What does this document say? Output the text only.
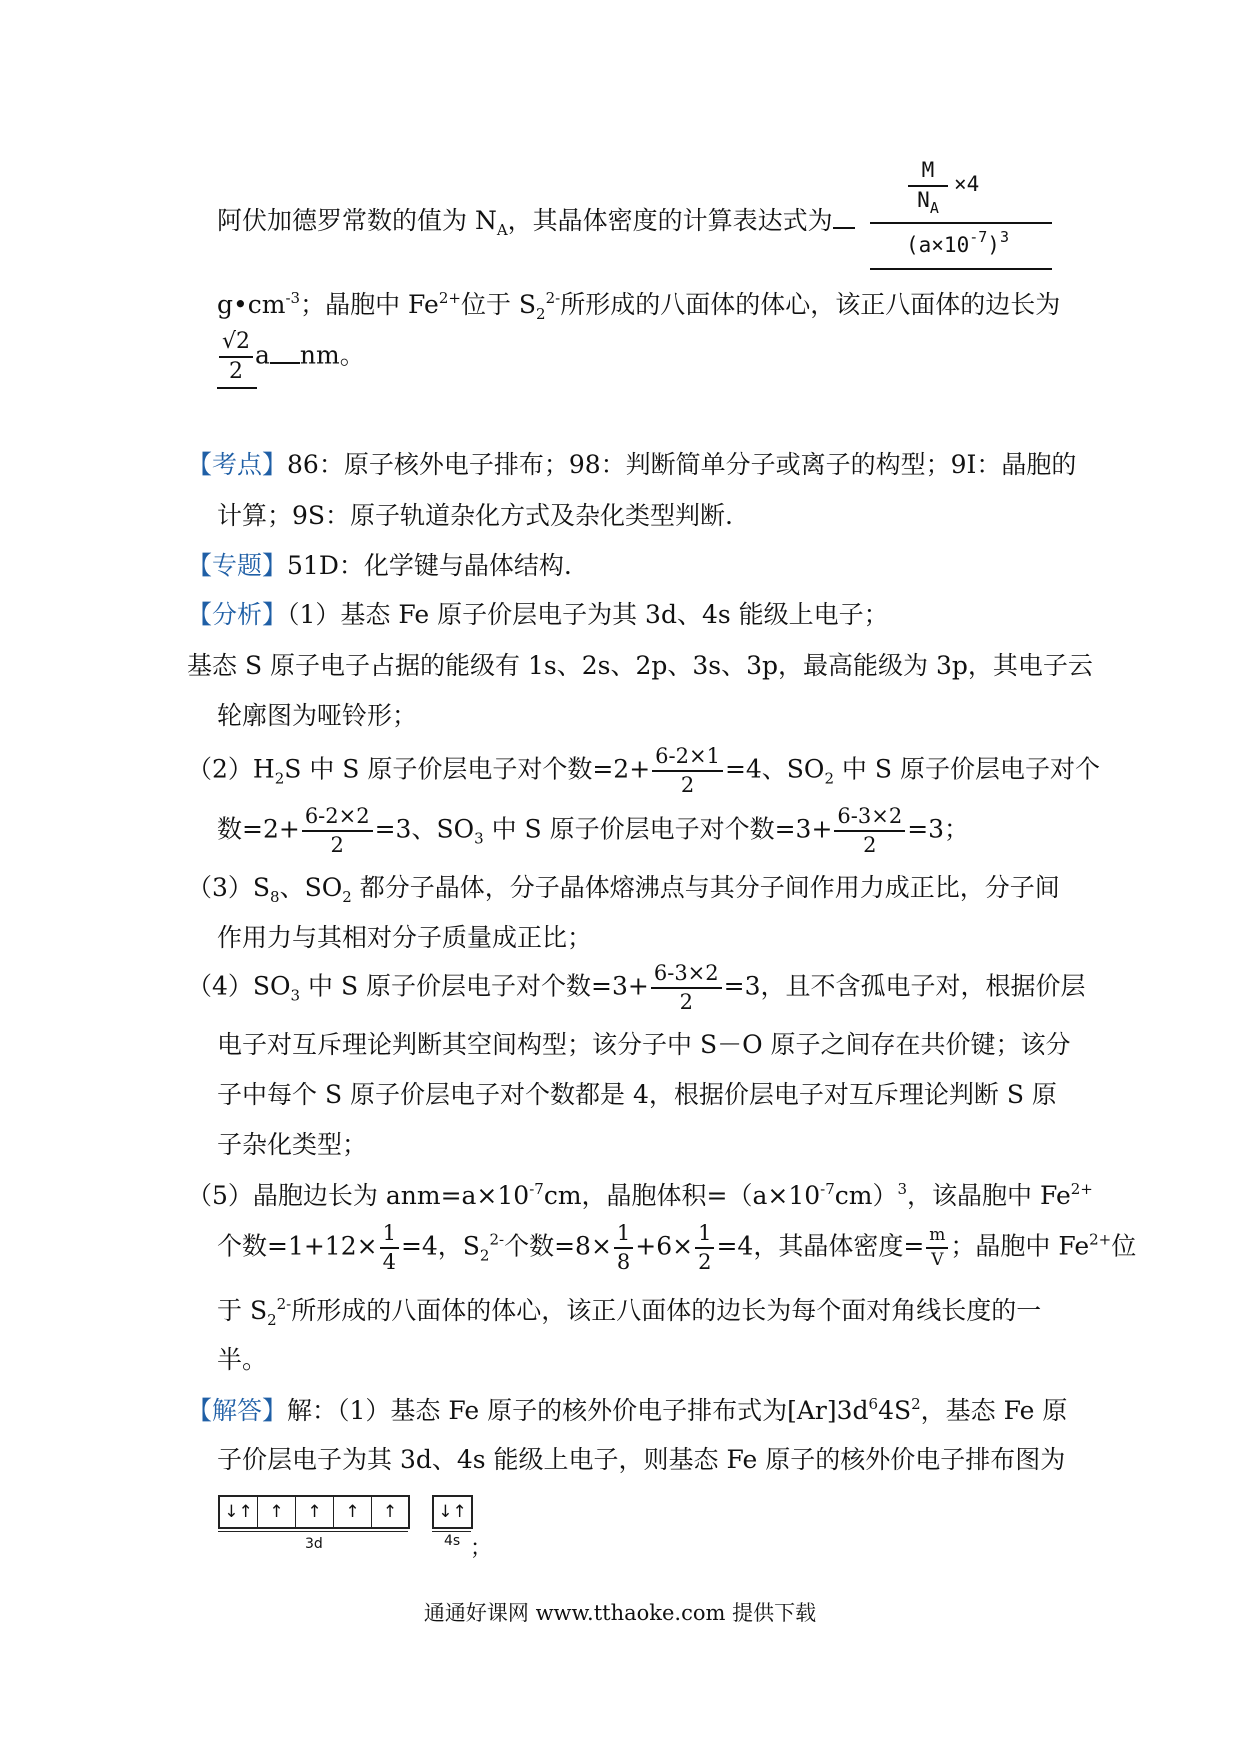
阿伏加德罗常数的值为 $N_A$，其晶体密度的计算表达式为
M
$N_A$
×4
$(a\times 10^{-7})^3$
$g•cm^{-3}$；晶胞中 $Fe^{2+}$位于 $S_2^{2-}$所形成的八面体的体心，该正八面体的边长为
$\frac{√2}{2}$ a nm。
【考点】86：原子核外电子排布；98：判断简单分子或离子的构型；9I：晶胞的
计算；9S：原子轨道杂化方式及杂化类型判断.
【专题】51D：化学键与晶体结构.
【分析】（1）基态 Fe 原子价层电子为其 3d、4s 能级上电子；
基态 S 原子电子占据的能级有 1s、2s、2p、3s、3p，最高能级为 3p，其电子云
轮廓图为哑铃形；
$(2)H_2S$ 中 S 原子价层电子对个数$=2+ \frac{6-2\times 1}{2} =4$、$SO_2$ 中 S 原子价层电子对个
数$=2+ \frac{6-2\times 2}{2} =3$、$SO_3$ 中 S 原子价层电子对个数$=3+ \frac{6-3\times 2}{2} =3$；
$(3)S_8$、$SO_2$ 都分子晶体，分子晶体熔沸点与其分子间作用力成正比，分子间
作用力与其相对分子质量成正比；
$(4)SO_3$ 中 S 原子价层电子对个数$=3+ \frac{6-3\times 2}{2} =3$，且不含孤电子对，根据价层
电子对互斥理论判断其空间构型；该分子中 S－O 原子之间存在共价键；该分
子中每个 S 原子价层电子对个数都是 4，根据价层电子对互斥理论判断 S 原
子杂化类型；
（5）晶胞边长为 $anm=a\times 10^{-7}cm$，晶胞体积$=(a\times 10^{-7}cm)^3$，该晶胞中 $Fe^{2+}$
个数$=1+12\times \frac{1}{4} =4$，$S_2^{2-}$个数$=8\times \frac{1}{8} +6\times \frac{1}{2} =4$，其晶体密度= $\frac{m}{V}$ ；晶胞中 $Fe^{2+}$位
于 $S_2^{2-}$所形成的八面体的体心，该正八面体的边长为每个面对角线长度的一
半。
【解答】解：（1）基态 Fe 原子的核外价电子排布式为$[Ar]3d^64S^2$，基态 Fe 原
子价层电子为其 3d、4s 能级上电子，则基态 Fe 原子的核外价电子排布图为
↓↑ ↑	↑	↑	↑	↓↑
3d	4s ；
通通好课网 www.tthaoke.com 提供下载
